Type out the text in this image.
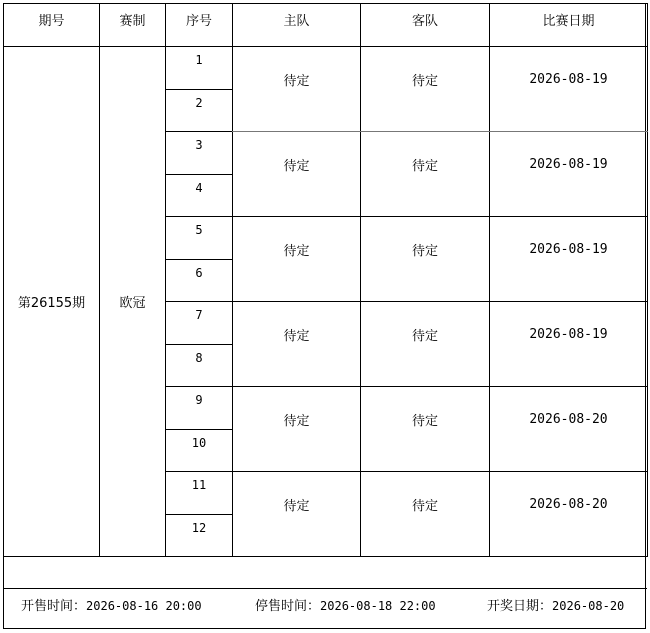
期号	赛制	序号	主队	客队	比赛日期
第26155期	欧冠	1	待定	待定	2026-08-19
		2			
		3	待定	待定	2026-08-19
		4			
		5	待定	待定	2026-08-19
		6			
		7	待定	待定	2026-08-19
		8			
		9	待定	待定	2026-08-20
		10			
		11	待定	待定	2026-08-20
		12			
开售时间：2026-08-16 20:00	停售时间：2026-08-18 22:00	开奖日期：2026-08-20
